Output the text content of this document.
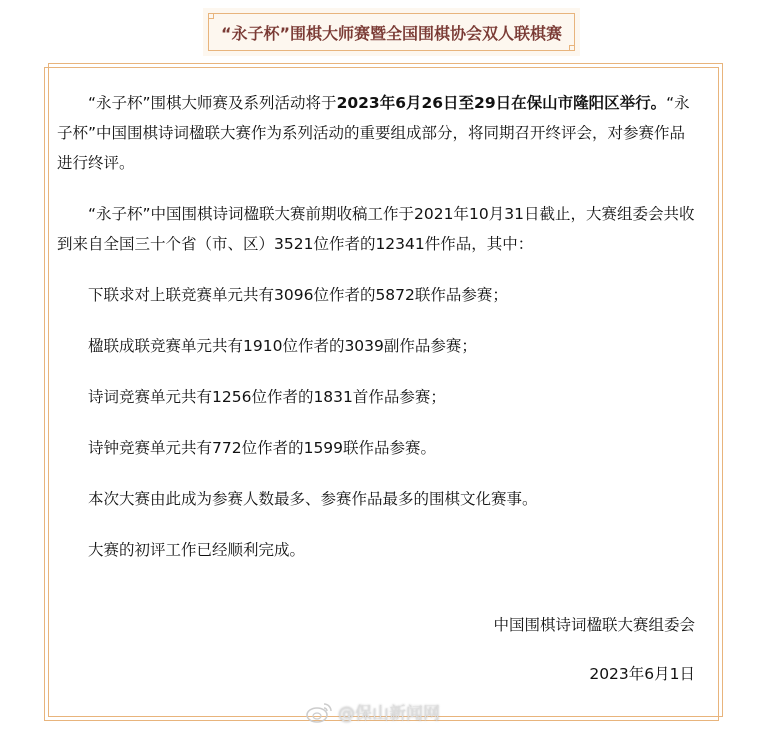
“永子杯”围棋大师赛暨全国围棋协会双人联棋赛

“永子杯”围棋大师赛及系列活动将于2023年6月26日至29日在保山市隆阳区举行。“永子杯”中国围棋诗词楹联大赛作为系列活动的重要组成部分，将同期召开终评会，对参赛作品进行终评。

“永子杯”中国围棋诗词楹联大赛前期收稿工作于2021年10月31日截止，大赛组委会共收到来自全国三十个省（市、区）3521位作者的12341件作品，其中：

下联求对上联竞赛单元共有3096位作者的5872联作品参赛；

楹联成联竞赛单元共有1910位作者的3039副作品参赛；

诗词竞赛单元共有1256位作者的1831首作品参赛；

诗钟竞赛单元共有772位作者的1599联作品参赛。

本次大赛由此成为参赛人数最多、参赛作品最多的围棋文化赛事。

大赛的初评工作已经顺利完成。

中国围棋诗词楹联大赛组委会
2023年6月1日
@保山新闻网
